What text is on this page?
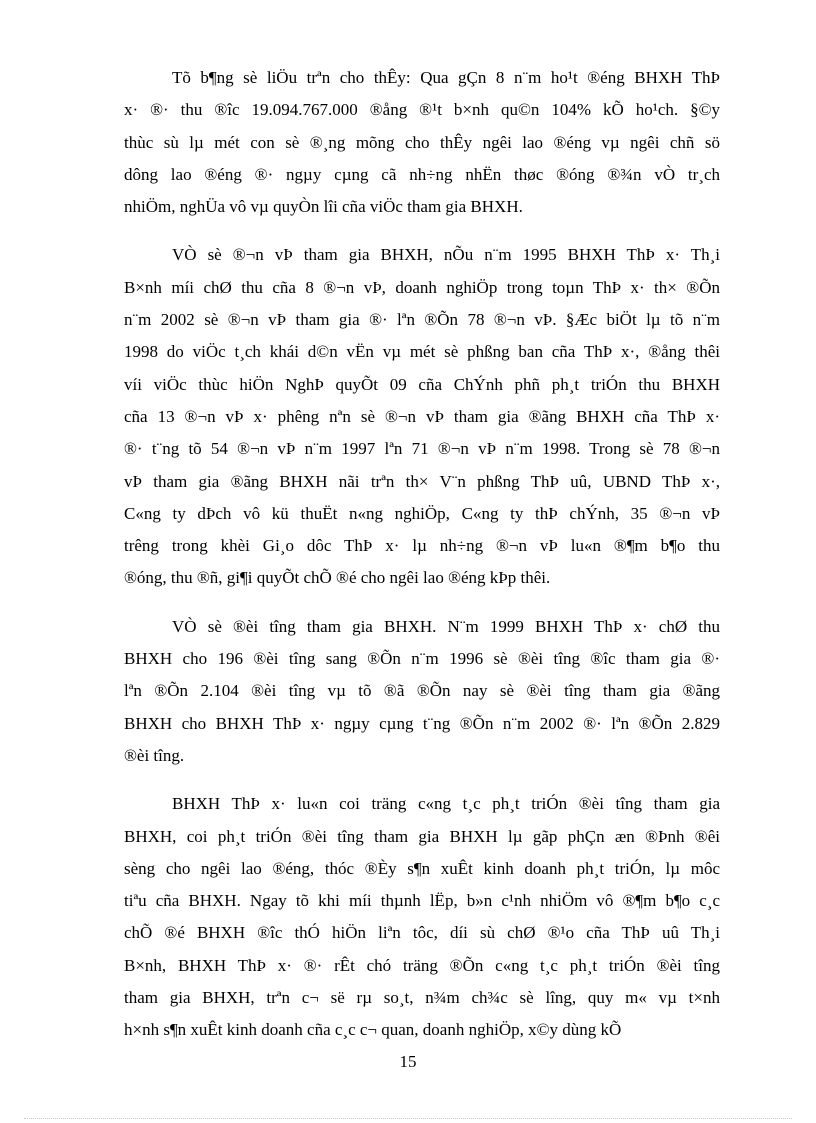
Tõ b¶ng sè liÖu trªn cho thÊy: Qua gÇn 8 n¨m ho¹t ®éng BHXH ThÞ
x· ®· thu ®îc 19.094.767.000 ®ång ®¹t b×nh qu©n 104% kÕ ho¹ch. §©y
thùc sù lµ mét con sè ®¸ng mõng cho thÊy ngêi lao ®éng vµ ngêi chñ sö
dông lao ®éng ®· ngµy cµng cã nh÷ng nhËn thøc ®óng ®¾n vÒ tr¸ch
nhiÖm, nghÜa vô vµ quyÒn lîi cña viÖc tham gia BHXH.
VÒ sè ®¬n vÞ tham gia BHXH, nÕu n¨m 1995 BHXH ThÞ x· Th¸i
B×nh míi chØ thu cña 8 ®¬n vÞ, doanh nghiÖp trong toµn ThÞ x· th× ®Õn
n¨m 2002 sè ®¬n vÞ tham gia ®· lªn ®Õn 78 ®¬n vÞ. §Æc biÖt lµ tõ n¨m
1998 do viÖc t¸ch khái d©n vËn vµ mét sè phßng ban cña ThÞ x·, ®ång thêi
víi viÖc thùc hiÖn NghÞ quyÕt 09 cña ChÝnh phñ ph¸t triÓn thu BHXH
cña 13 ®¬n vÞ x· phêng nªn sè ®¬n vÞ tham gia ®ãng BHXH cña ThÞ x·
®· t¨ng tõ 54 ®¬n vÞ n¨m 1997 lªn 71 ®¬n vÞ n¨m 1998. Trong sè 78 ®¬n
vÞ tham gia ®ãng BHXH nãi trªn th× V¨n phßng ThÞ uû, UBND ThÞ x·,
C«ng ty dÞch vô kü thuËt n«ng nghiÖp, C«ng ty thÞ chÝnh, 35 ®¬n vÞ
trêng trong khèi Gi¸o dôc ThÞ x· lµ nh÷ng ®¬n vÞ lu«n ®¶m b¶o thu
®óng, thu ®ñ, gi¶i quyÕt chÕ ®é cho ngêi lao ®éng kÞp thêi.
VÒ sè ®èi tîng tham gia BHXH. N¨m 1999 BHXH ThÞ x· chØ thu
BHXH cho 196 ®èi tîng sang ®Õn n¨m 1996 sè ®èi tîng ®îc tham gia ®·
lªn ®Õn 2.104 ®èi tîng vµ tõ ®ã ®Õn nay sè ®èi tîng tham gia ®ãng
BHXH cho BHXH ThÞ x· ngµy cµng t¨ng ®Õn n¨m 2002 ®· lªn ®Õn 2.829
®èi tîng.
BHXH ThÞ x· lu«n coi träng c«ng t¸c ph¸t triÓn ®èi tîng tham gia
BHXH, coi ph¸t triÓn ®èi tîng tham gia BHXH lµ gãp phÇn æn ®Þnh ®êi
sèng cho ngêi lao ®éng, thóc ®Èy s¶n xuÊt kinh doanh ph¸t triÓn, lµ môc
tiªu cña BHXH. Ngay tõ khi míi thµnh lËp, b»n c¹nh nhiÖm vô ®¶m b¶o c¸c
chÕ ®é BHXH ®îc thÓ hiÖn liªn tôc, díi sù chØ ®¹o cña ThÞ uû Th¸i
B×nh, BHXH ThÞ x· ®· rÊt chó träng ®Õn c«ng t¸c ph¸t triÓn ®èi tîng
tham gia BHXH, trªn c¬ së rµ so¸t, n¾m ch¾c sè lîng, quy m« vµ t×nh
h×nh s¶n xuÊt kinh doanh cña c¸c c¬ quan, doanh nghiÖp, x©y dùng kÕ
15
